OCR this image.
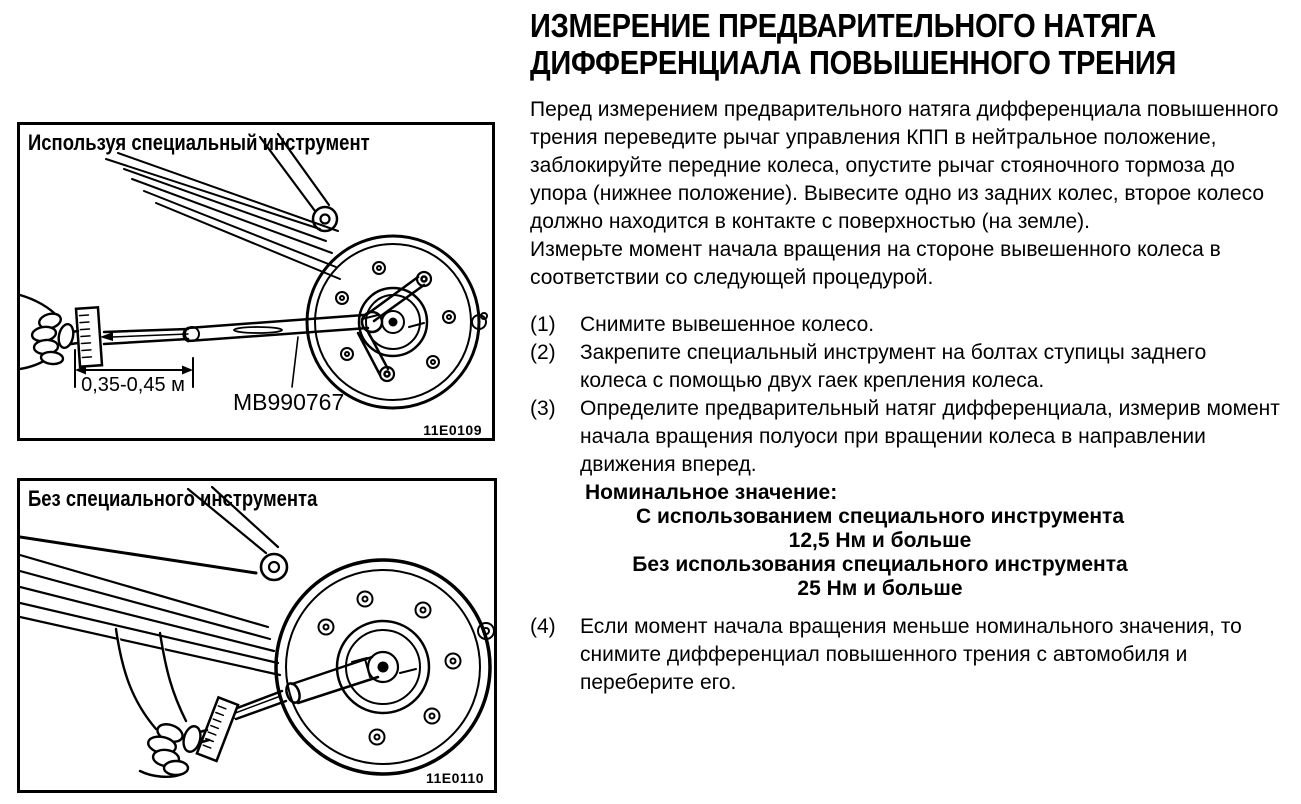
Используя специальный инструмент
0,35-0,45 м
MB990767
11E0109
Без специального инструмента
11E0110
ИЗМЕРЕНИЕ ПРЕДВАРИТЕЛЬНОГО НАТЯГА
ДИФФЕРЕНЦИАЛА ПОВЫШЕННОГО ТРЕНИЯ
Перед измерением предварительного натяга дифференциала повышенного
трения переведите рычаг управления КПП в нейтральное положение,
заблокируйте передние колеса, опустите рычаг стояночного тормоза до
упора (нижнее положение). Вывесите одно из задних колес, второе колесо
должно находится в контакте с поверхностью (на земле).
Измерьте момент начала вращения на стороне вывешенного колеса в
соответствии со следующей процедурой.
(1)	Снимите вывешенное колесо.
(2)	Закрепите специальный инструмент на болтах ступицы заднего
колеса с помощью двух гаек крепления колеса.
(3)	Определите предварительный натяг дифференциала, измерив момент
начала вращения полуоси при вращении колеса в направлении
движения вперед.
Номинальное значение:
С использованием специального инструмента
12,5 Нм и больше
Без использования специального инструмента
25 Нм и больше
(4)	Если момент начала вращения меньше номинального значения, то
снимите дифференциал повышенного трения с автомобиля и
переберите его.
